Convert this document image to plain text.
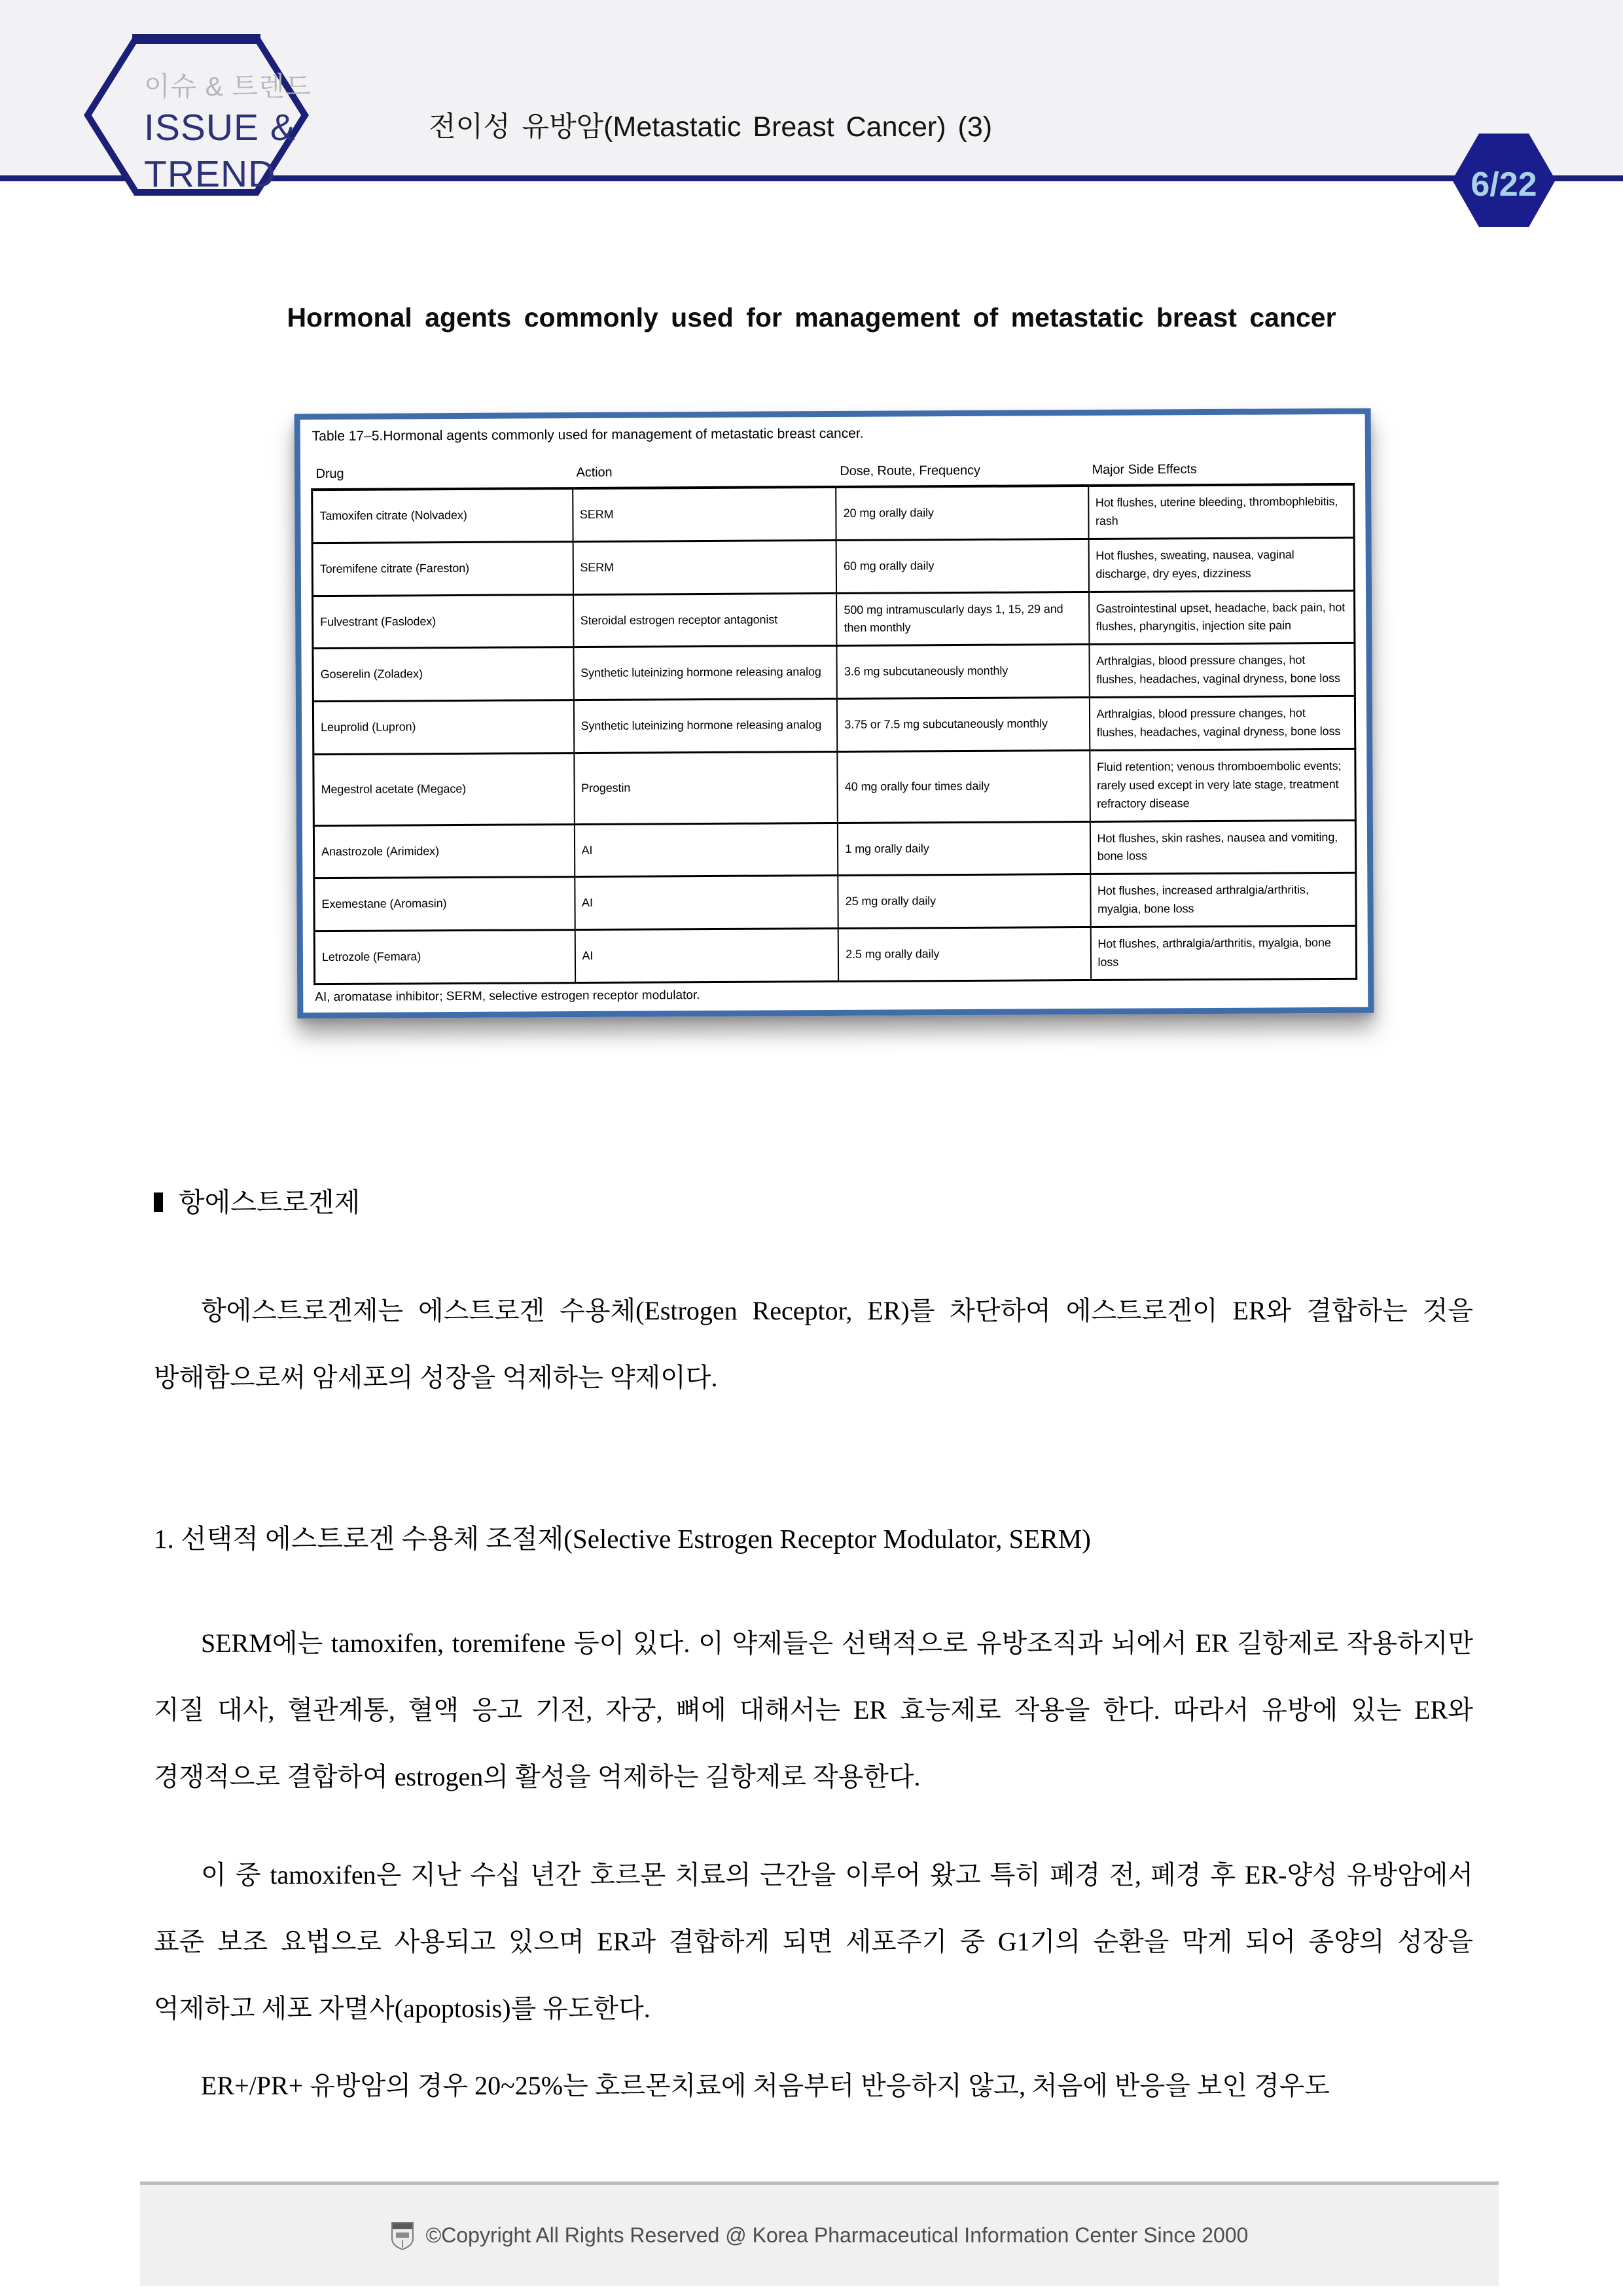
이슈 & 트렌드
ISSUE &
TREND
전이성 유방암(Metastatic Breast Cancer) (3)
6/22
Hormonal agents commonly used for management of metastatic breast cancer
Table 17–5.Hormonal agents commonly used for management of metastatic breast cancer.
Drug	Action	Dose, Route, Frequency	Major Side Effects
Tamoxifen citrate (Nolvadex)	SERM	20 mg orally daily	Hot flushes, uterine bleeding, thrombophlebitis, rash
Toremifene citrate (Fareston)	SERM	60 mg orally daily	Hot flushes, sweating, nausea, vaginal discharge, dry eyes, dizziness
Fulvestrant (Faslodex)	Steroidal estrogen receptor antagonist	500 mg intramuscularly days 1, 15, 29 and then monthly	Gastrointestinal upset, headache, back pain, hot flushes, pharyngitis, injection site pain
Goserelin (Zoladex)	Synthetic luteinizing hormone releasing analog	3.6 mg subcutaneously monthly	Arthralgias, blood pressure changes, hot flushes, headaches, vaginal dryness, bone loss
Leuprolid (Lupron)	Synthetic luteinizing hormone releasing analog	3.75 or 7.5 mg subcutaneously monthly	Arthralgias, blood pressure changes, hot flushes, headaches, vaginal dryness, bone loss
Megestrol acetate (Megace)	Progestin	40 mg orally four times daily	Fluid retention; venous thromboembolic events; rarely used except in very late stage, treatment refractory disease
Anastrozole (Arimidex)	AI	1 mg orally daily	Hot flushes, skin rashes, nausea and vomiting, bone loss
Exemestane (Aromasin)	AI	25 mg orally daily	Hot flushes, increased arthralgia/arthritis, myalgia, bone loss
Letrozole (Femara)	AI	2.5 mg orally daily	Hot flushes, arthralgia/arthritis, myalgia, bone loss
AI, aromatase inhibitor; SERM, selective estrogen receptor modulator.
항에스트로겐제

항에스트로겐제는 에스트로겐 수용체(Estrogen Receptor, ER)를 차단하여 에스트로겐이 ER와 결합하는 것을 방해함으로써 암세포의 성장을 억제하는 약제이다.

1. 선택적 에스트로겐 수용체 조절제(Selective Estrogen Receptor Modulator, SERM)

SERM에는 tamoxifen, toremifene 등이 있다. 이 약제들은 선택적으로 유방조직과 뇌에서 ER 길항제로 작용하지만 지질 대사, 혈관계통, 혈액 응고 기전, 자궁, 뼈에 대해서는 ER 효능제로 작용을 한다. 따라서 유방에 있는 ER와 경쟁적으로 결합하여 estrogen의 활성을 억제하는 길항제로 작용한다.

이 중 tamoxifen은 지난 수십 년간 호르몬 치료의 근간을 이루어 왔고 특히 폐경 전, 폐경 후 ER-양성 유방암에서 표준 보조 요법으로 사용되고 있으며 ER과 결합하게 되면 세포주기 중 G1기의 순환을 막게 되어 종양의 성장을 억제하고 세포 자멸사(apoptosis)를 유도한다.

ER+/PR+ 유방암의 경우 20~25%는 호르몬치료에 처음부터 반응하지 않고, 처음에 반응을 보인 경우도

©Copyright All Rights Reserved @ Korea Pharmaceutical Information Center Since 2000
